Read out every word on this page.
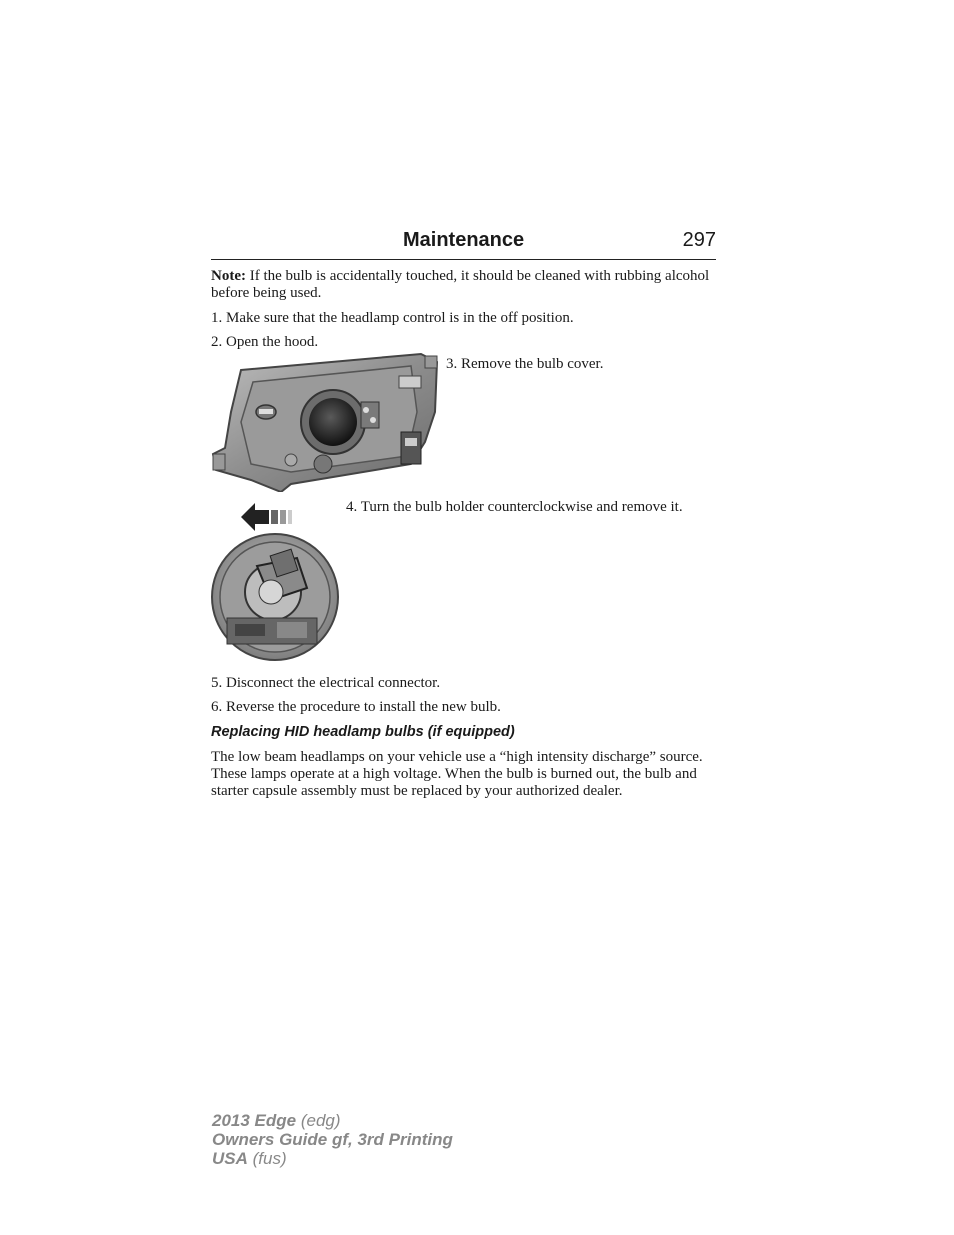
Maintenance	297
Note: If the bulb is accidentally touched, it should be cleaned with rubbing alcohol before being used.
1. Make sure that the headlamp control is in the off position.
2. Open the hood.
3. Remove the bulb cover.
4. Turn the bulb holder counterclockwise and remove it.
5. Disconnect the electrical connector.
6. Reverse the procedure to install the new bulb.
Replacing HID headlamp bulbs (if equipped)
The low beam headlamps on your vehicle use a “high intensity discharge” source. These lamps operate at a high voltage. When the bulb is burned out, the bulb and starter capsule assembly must be replaced by your authorized dealer.
2013 Edge (edg)
Owners Guide gf, 3rd Printing
USA (fus)
